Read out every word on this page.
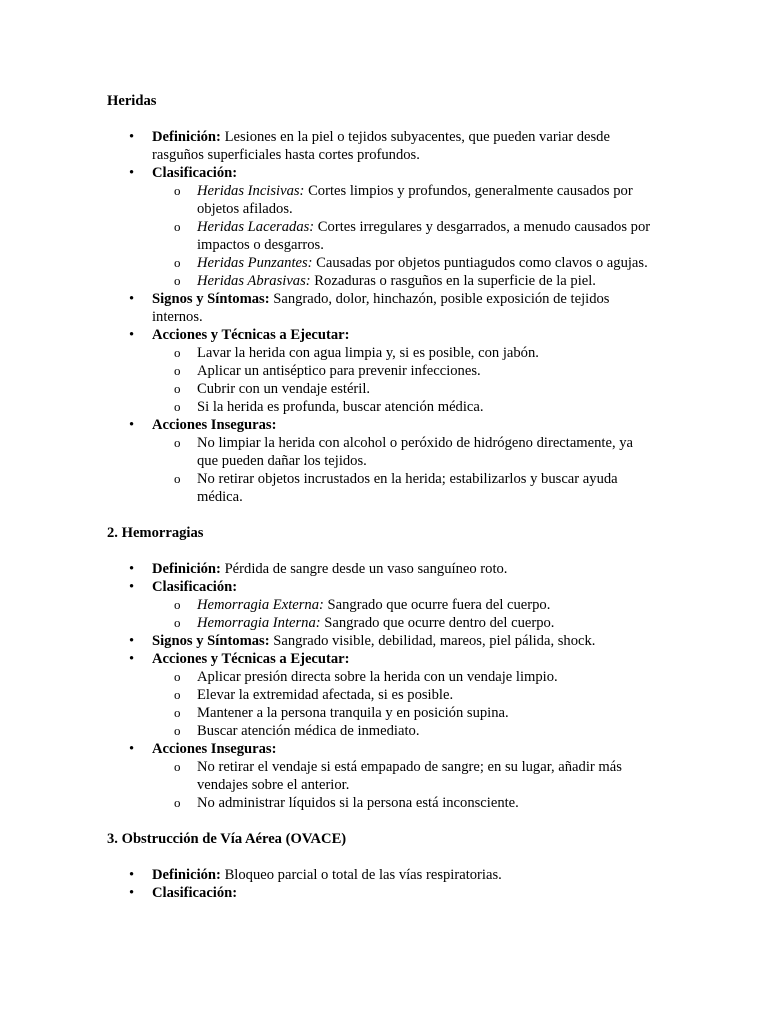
Heridas

•
Definición: Lesiones en la piel o tejidos subyacentes, que pueden variar desde rasguños superficiales hasta cortes profundos.
•
Clasificación:
o
Heridas Incisivas: Cortes limpios y profundos, generalmente causados por objetos afilados.
o
Heridas Laceradas: Cortes irregulares y desgarrados, a menudo causados por impactos o desgarros.
o
Heridas Punzantes: Causadas por objetos puntiagudos como clavos o agujas.
o
Heridas Abrasivas: Rozaduras o rasguños en la superficie de la piel.
•
Signos y Síntomas: Sangrado, dolor, hinchazón, posible exposición de tejidos internos.
•
Acciones y Técnicas a Ejecutar:
o
Lavar la herida con agua limpia y, si es posible, con jabón.
o
Aplicar un antiséptico para prevenir infecciones.
o
Cubrir con un vendaje estéril.
o
Si la herida es profunda, buscar atención médica.
•
Acciones Inseguras:
o
No limpiar la herida con alcohol o peróxido de hidrógeno directamente, ya que pueden dañar los tejidos.
o
No retirar objetos incrustados en la herida; estabilizarlos y buscar ayuda médica.

2. Hemorragias

•
Definición: Pérdida de sangre desde un vaso sanguíneo roto.
•
Clasificación:
o
Hemorragia Externa: Sangrado que ocurre fuera del cuerpo.
o
Hemorragia Interna: Sangrado que ocurre dentro del cuerpo.
•
Signos y Síntomas: Sangrado visible, debilidad, mareos, piel pálida, shock.
•
Acciones y Técnicas a Ejecutar:
o
Aplicar presión directa sobre la herida con un vendaje limpio.
o
Elevar la extremidad afectada, si es posible.
o
Mantener a la persona tranquila y en posición supina.
o
Buscar atención médica de inmediato.
•
Acciones Inseguras:
o
No retirar el vendaje si está empapado de sangre; en su lugar, añadir más vendajes sobre el anterior.
o
No administrar líquidos si la persona está inconsciente.

3. Obstrucción de Vía Aérea (OVACE)

•
Definición: Bloqueo parcial o total de las vías respiratorias.
•
Clasificación:
